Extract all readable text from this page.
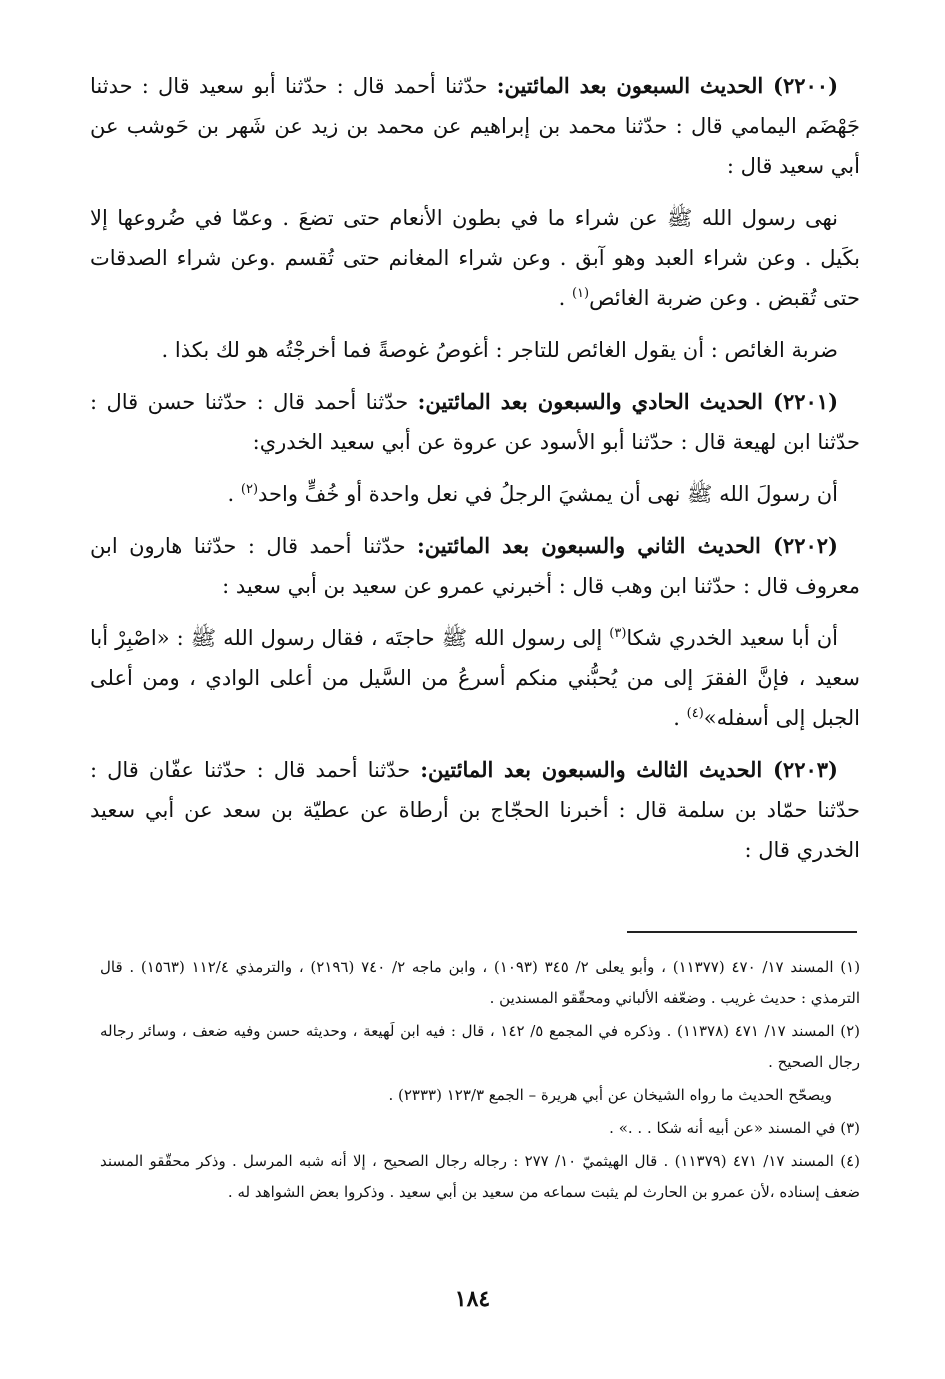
(٢٢٠٠) الحديث السبعون بعد المائتين: حدّثنا أحمد قال : حدّثنا أبو سعيد قال : حدثنا جَهْضَم اليمامي قال : حدّثنا محمد بن إبراهيم عن محمد بن زيد عن شَهر بن حَوشب عن أبي سعيد قال :

نهى رسول الله ﷺ عن شراء ما في بطون الأنعام حتى تضعَ . وعمّا في ضُروعها إلا بكَيل . وعن شراء العبد وهو آبق . وعن شراء المغانم حتى تُقسم .وعن شراء الصدقات حتى تُقبض . وعن ضربة الغائص$^{(١)}$ .

ضربة الغائص : أن يقول الغائص للتاجر : أغوصُ غوصةً فما أخرجْتُه هو لك بكذا .

(٢٢٠١) الحديث الحادي والسبعون بعد المائتين: حدّثنا أحمد قال : حدّثنا حسن قال : حدّثنا ابن لهيعة قال : حدّثنا أبو الأسود عن عروة عن أبي سعيد الخدري:

أن رسولَ الله ﷺ نهى أن يمشيَ الرجلُ في نعل واحدة أو خُفٍّ واحد$^{(٢)}$ .

(٢٢٠٢) الحديث الثاني والسبعون بعد المائتين: حدّثنا أحمد قال : حدّثنا هارون ابن معروف قال : حدّثنا ابن وهب قال : أخبرني عمرو عن سعيد بن أبي سعيد :

أن أبا سعيد الخدري شكا$^{(٣)}$ إلى رسول الله ﷺ حاجتَه ، فقال رسول الله ﷺ : «اصْبِرْ أبا سعيد ، فإنَّ الفقرَ إلى من يُحبُّني منكم أسرعُ من السَّيل من أعلى الوادي ، ومن أعلى الجبل إلى أسفله»$^{(٤)}$ .

(٢٢٠٣) الحديث الثالث والسبعون بعد المائتين: حدّثنا أحمد قال : حدّثنا عفّان قال : حدّثنا حمّاد بن سلمة قال : أخبرنا الحجّاج بن أرطاة عن عطيّة بن سعد عن أبي سعيد الخدري قال :

(١) المسند ١٧/ ٤٧٠ (١١٣٧٧) ، وأبو يعلى ٢/ ٣٤٥ (١٠٩٣) ، وابن ماجه ٢/ ٧٤٠ (٢١٩٦) ، والترمذي ١١٢/٤ (١٥٦٣) . قال الترمذي : حديث غريب . وضعّفه الألباني ومحقّقو المسندين .

(٢) المسند ١٧/ ٤٧١ (١١٣٧٨) . وذكره في المجمع ٥/ ١٤٢ ، قال : فيه ابن لَهيعة ، وحديثه حسن وفيه ضعف ، وسائر رجاله رجال الصحيح .

ويصحّح الحديث ما رواه الشيخان عن أبي هريرة – الجمع ١٢٣/٣ (٢٣٣٣) .

(٣) في المسند «عن أبيه أنه شكا . . .» .

(٤) المسند ١٧/ ٤٧١ (١١٣٧٩) . قال الهيثميّ ١٠/ ٢٧٧ : رجاله رجال الصحيح ، إلا أنه شبه المرسل . وذكر محقّقو المسند ضعف إسناده ،لأن عمرو بن الحارث لم يثبت سماعه من سعيد بن أبي سعيد . وذكروا بعض الشواهد له .

١٨٤
